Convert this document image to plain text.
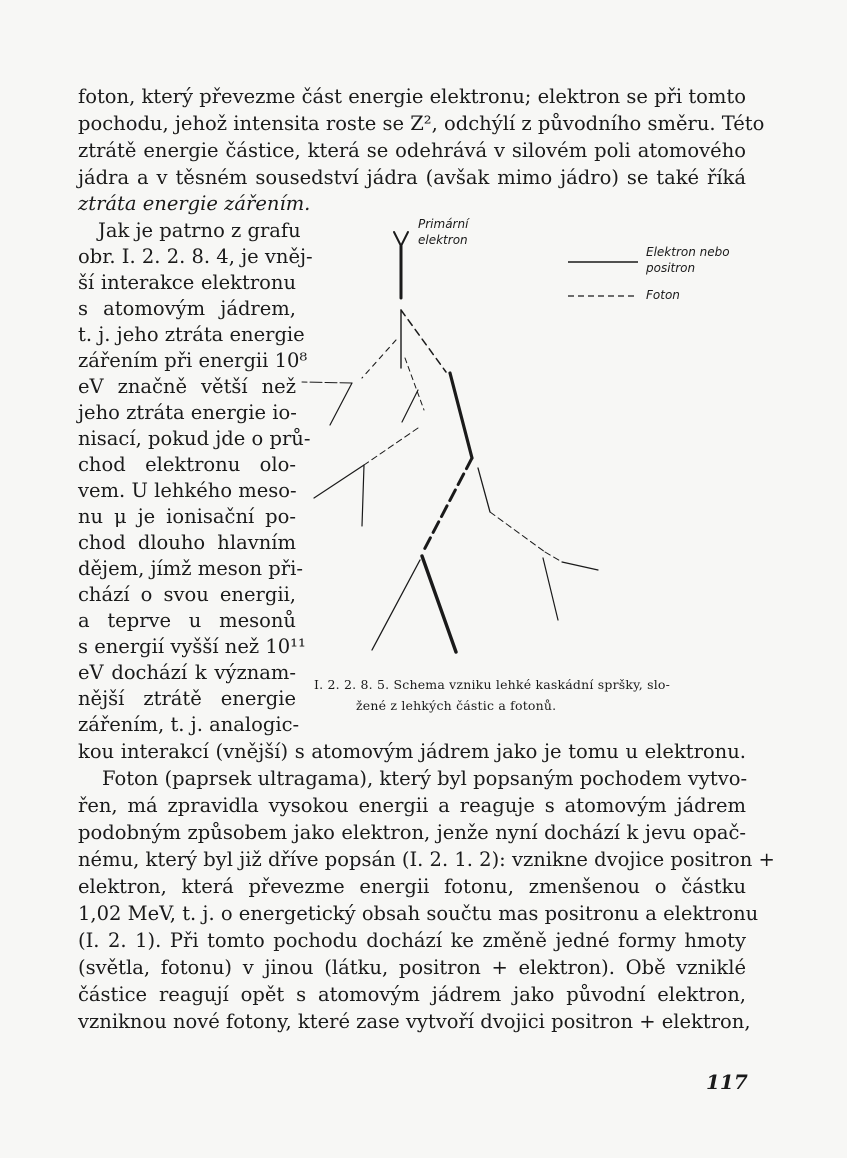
foton, který převezme část energie elektronu; elektron se při tomto
pochodu, jehož intensita roste se Z², odchýlí z původního směru. Této
ztrátě energie částice, která se odehrává v silovém poli atomového
jádra a v těsném sousedství jádra (avšak mimo jádro) se také říká
ztráta energie zářením.
Jak je patrno z grafu
obr. I. 2. 2. 8. 4, je vněj-
ší interakce elektronu
s atomovým jádrem,
t. j. jeho ztráta energie
zářením při energii 10⁸
eV značně větší než
jeho ztráta energie io-
nisací, pokud jde o prů-
chod elektronu olo-
vem. U lehkého meso-
nu μ je ionisační po-
chod dlouho hlavním
dějem, jímž meson při-
chází o svou energii,
a teprve u mesonů
s energií vyšší než 10¹¹
eV dochází k význam-
nější ztrátě energie
zářením, t. j. analogic-
Primární
elektron
Elektron nebo
positron
Foton
I. 2. 2. 8. 5. Schema vzniku lehké kaskádní spršky, slo-
žené z lehkých částic a fotonů.
kou interakcí (vnější) s atomovým jádrem jako je tomu u elektronu.
Foton (paprsek ultragama), který byl popsaným pochodem vytvo-
řen, má zpravidla vysokou energii a reaguje s atomovým jádrem
podobným způsobem jako elektron, jenže nyní dochází k jevu opač-
nému, který byl již dříve popsán (I. 2. 1. 2): vznikne dvojice positron +
elektron, která převezme energii fotonu, zmenšenou o částku
1,02 MeV, t. j. o energetický obsah součtu mas positronu a elektronu
(I. 2. 1). Při tomto pochodu dochází ke změně jedné formy hmoty
(světla, fotonu) v jinou (látku, positron + elektron). Obě vzniklé
částice reagují opět s atomovým jádrem jako původní elektron,
vzniknou nové fotony, které zase vytvoří dvojici positron + elektron,
117
